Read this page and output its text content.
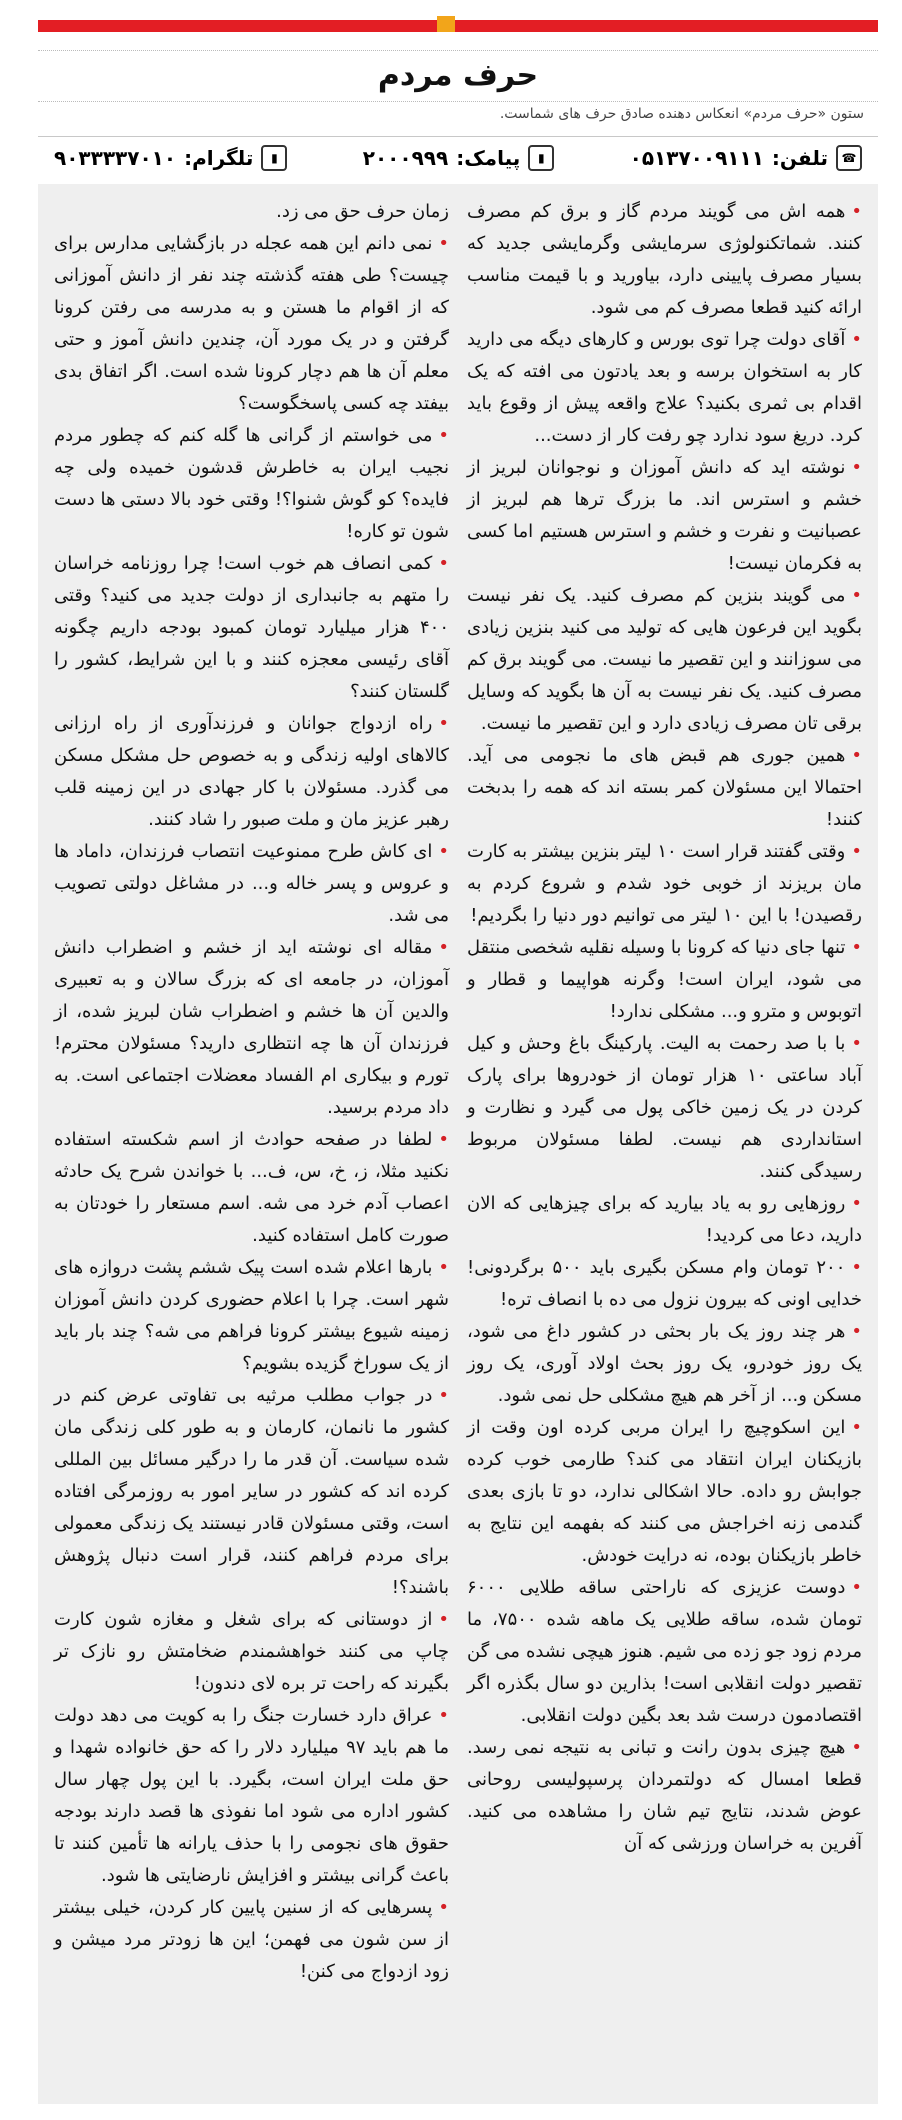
حرف مردم
ستون «حرف مردم» انعکاس دهنده صادق حرف های شماست.
☎
تلفن:
۰۵۱۳۷۰۰۹۱۱۱
▮
پیامک:
۲۰۰۰۹۹۹
▮
تلگرام:
۹۰۳۳۳۳۷۰۱۰

•همه اش می گویند مردم گاز و برق کم مصرف کنند. شماتکنولوژی سرمایشی وگرمایشی جدید که بسیار مصرف پایینی دارد، بیاورید و با قیمت مناسب ارائه کنید قطعا مصرف کم می شود.

•آقای دولت چرا توی بورس و کارهای دیگه می دارید کار به استخوان برسه و بعد یادتون می افته که یک اقدام بی ثمری بکنید؟ علاج واقعه پیش از وقوع باید کرد. دریغ سود ندارد چو رفت کار از دست...

•نوشته اید که دانش آموزان و نوجوانان لبریز از خشم و استرس اند. ما بزرگ ترها هم لبریز از عصبانیت و نفرت و خشم و استرس هستیم اما کسی به فکرمان نیست!

•می گویند بنزین کم مصرف کنید. یک نفر نیست بگوید این فرعون هایی که تولید می کنید بنزین زیادی می سوزانند و این تقصیر ما نیست. می گویند برق کم مصرف کنید. یک نفر نیست به آن ها بگوید که وسایل برقی تان مصرف زیادی دارد و این تقصیر ما نیست.

•همین جوری هم قبض های ما نجومی می آید. احتمالا این مسئولان کمر بسته اند که همه را بدبخت کنند!

•وقتی گفتند قرار است ۱۰ لیتر بنزین بیشتر به کارت مان بریزند از خوبی خود شدم و شروع کردم به رقصیدن! با این ۱۰ لیتر می توانیم دور دنیا را بگردیم!

•تنها جای دنیا که کرونا با وسیله نقلیه شخصی منتقل می شود، ایران است! وگرنه هواپیما و قطار و اتوبوس و مترو و... مشکلی ندارد!

•با با صد رحمت به الیت. پارکینگ باغ وحش و کیل آباد ساعتی ۱۰ هزار تومان از خودروها برای پارک کردن در یک زمین خاکی پول می گیرد و نظارت و استانداردی هم نیست. لطفا مسئولان مربوط رسیدگی کنند.

•روزهایی رو به یاد بیارید که برای چیزهایی که الان دارید، دعا می کردید!

•۲۰۰ تومان وام مسکن بگیری باید ۵۰۰ برگردونی! خدایی اونی که بیرون نزول می ده با انصاف تره!

•هر چند روز یک بار بحثی در کشور داغ می شود، یک روز خودرو، یک روز بحث اولاد آوری، یک روز مسکن و... از آخر هم هیچ مشکلی حل نمی شود.

•این اسکوچیچ را ایران مربی کرده اون وقت از بازیکنان ایران انتقاد می کند؟ طارمی خوب کرده جوابش رو داده. حالا اشکالی ندارد، دو تا بازی بعدی گندمی زنه اخراجش می کنند که بفهمه این نتایج به خاطر بازیکنان بوده، نه درایت خودش.

•دوست عزیزی که ناراحتی ساقه طلایی ۶۰۰۰ تومان شده، ساقه طلایی یک ماهه شده ۷۵۰۰، ما مردم زود جو زده می شیم. هنوز هیچی نشده می گن تقصیر دولت انقلابی است! بذارین دو سال بگذره اگر اقتصادمون درست شد بعد بگین دولت انقلابی.

•هیچ چیزی بدون رانت و تبانی به نتیجه نمی رسد. قطعا امسال که دولتمردان پرسپولیسی روحانی عوض شدند، نتایج تیم شان را مشاهده می کنید. آفرین به خراسان ورزشی که آن

زمان حرف حق می زد.

•نمی دانم این همه عجله در بازگشایی مدارس برای چیست؟ طی هفته گذشته چند نفر از دانش آموزانی که از اقوام ما هستن و به مدرسه می رفتن کرونا گرفتن و در یک مورد آن، چندین دانش آموز و حتی معلم آن ها هم دچار کرونا شده است. اگر اتفاق بدی بیفتد چه کسی پاسخگوست؟

•می خواستم از گرانی ها گله کنم که چطور مردم نجیب ایران به خاطرش قدشون خمیده ولی چه فایده؟ کو گوش شنوا؟! وقتی خود بالا دستی ها دست شون تو کاره!

•کمی انصاف هم خوب است! چرا روزنامه خراسان را متهم به جانبداری از دولت جدید می کنید؟ وقتی ۴۰۰ هزار میلیارد تومان کمبود بودجه داریم چگونه آقای رئیسی معجزه کنند و با این شرایط، کشور را گلستان کنند؟

•راه ازدواج جوانان و فرزندآوری از راه ارزانی کالاهای اولیه زندگی و به خصوص حل مشکل مسکن می گذرد. مسئولان با کار جهادی در این زمینه قلب رهبر عزیز مان و ملت صبور را شاد کنند.

•ای کاش طرح ممنوعیت انتصاب فرزندان، داماد ها و عروس و پسر خاله و... در مشاغل دولتی تصویب می شد.

•مقاله ای نوشته اید از خشم و اضطراب دانش آموزان، در جامعه ای که بزرگ سالان و به تعبیری والدین آن ها خشم و اضطراب شان لبریز شده، از فرزندان آن ها چه انتظاری دارید؟ مسئولان محترم! تورم و بیکاری ام الفساد معضلات اجتماعی است. به داد مردم برسید.

•لطفا در صفحه حوادث از اسم شکسته استفاده نکنید مثلا، ز، خ، س، ف... با خواندن شرح یک حادثه اعصاب آدم خرد می شه. اسم مستعار را خودتان به صورت کامل استفاده کنید.

•بارها اعلام شده است پیک ششم پشت دروازه های شهر است. چرا با اعلام حضوری کردن دانش آموزان زمینه شیوع بیشتر کرونا فراهم می شه؟ چند بار باید از یک سوراخ گزیده بشویم؟

•در جواب مطلب مرثیه بی تفاوتی عرض کنم در کشور ما نانمان، کارمان و به طور کلی زندگی مان شده سیاست. آن قدر ما را درگیر مسائل بین المللی کرده اند که کشور در سایر امور به روزمرگی افتاده است، وقتی مسئولان قادر نیستند یک زندگی معمولی برای مردم فراهم کنند، قرار است دنبال پژوهش باشند؟!

•از دوستانی که برای شغل و مغازه شون کارت چاپ می کنند خواهشمندم ضخامتش رو نازک تر بگیرند که راحت تر بره لای دندون!

•عراق دارد خسارت جنگ را به کویت می دهد دولت ما هم باید ۹۷ میلیارد دلار را که حق خانواده شهدا و حق ملت ایران است، بگیرد. با این پول چهار سال کشور اداره می شود اما نفوذی ها قصد دارند بودجه حقوق های نجومی را با حذف یارانه ها تأمین کنند تا باعث گرانی بیشتر و افزایش نارضایتی ها شود.

•پسرهایی که از سنین پایین کار کردن، خیلی بیشتر از سن شون می فهمن؛ این ها زودتر مرد میشن و زود ازدواج می کنن!
